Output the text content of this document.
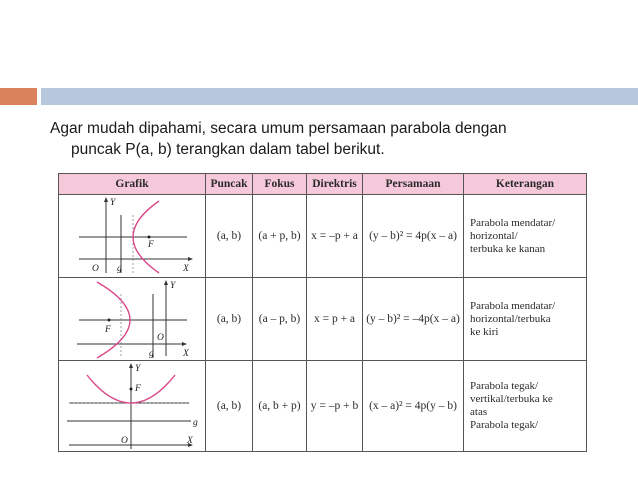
Agar mudah dipahami, secara umum persamaan parabola dengan
puncak P(a, b) terangkan dalam tabel berikut.
Grafik	Puncak	Fokus	Direktris	Persamaan	Keterangan

Y
X
O
F
g	(a, b)	(a + p, b)	x = –p + a	(y – b)² = 4p(x – a)	Parabola mendatar/
horizontal/
terbuka ke kanan

Y
X
O
F
g	(a, b)	(a – p, b)	x = p + a	(y – b)² = –4p(x – a)	Parabola mendatar/
horizontal/terbuka
ke kiri

Y
X
O
F
g	(a, b)	(a, b + p)	y = –p + b	(x – a)² = 4p(y – b)	Parabola tegak/
vertikal/terbuka ke
atas
Parabola tegak/
